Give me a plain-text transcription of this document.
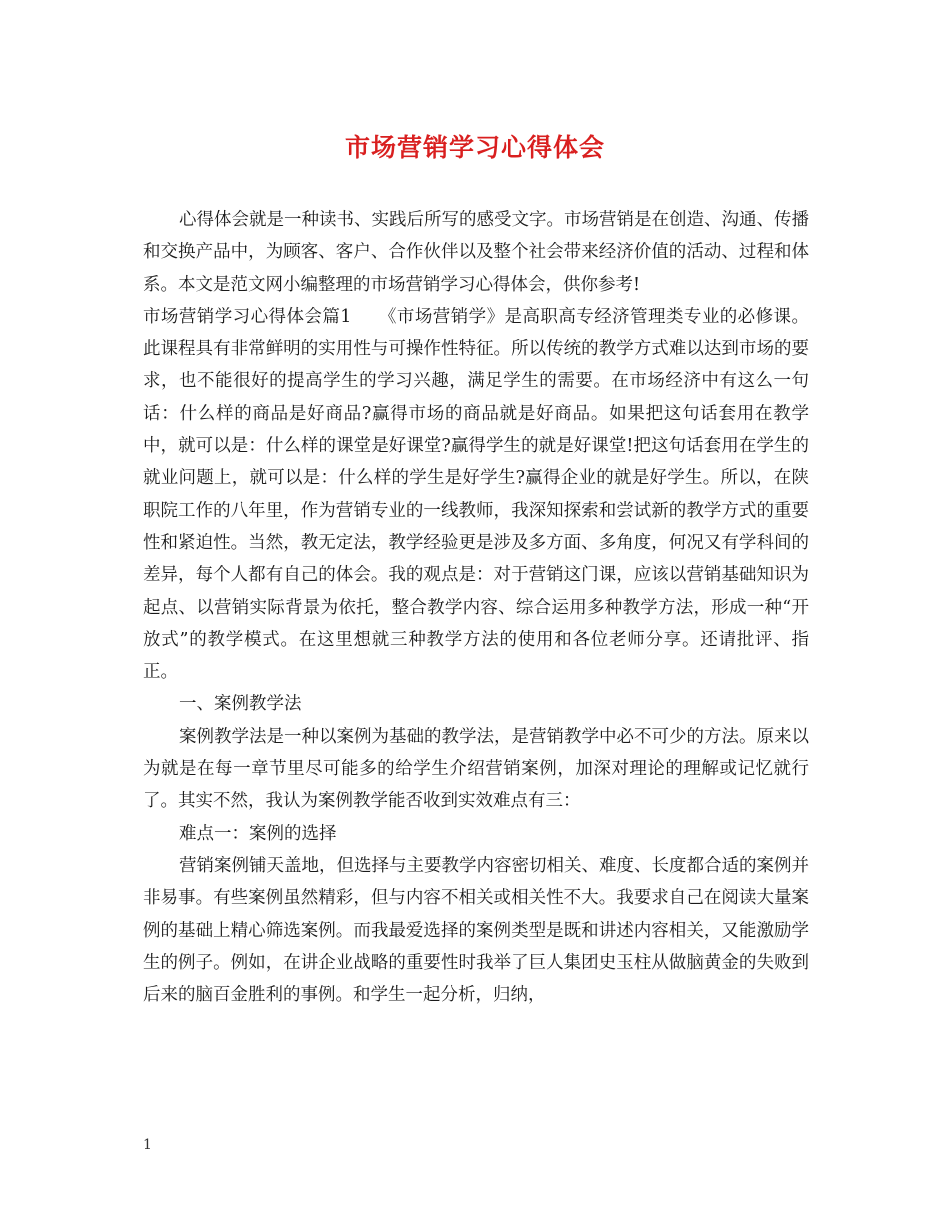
市场营销学习心得体会

心得体会就是一种读书、实践后所写的感受文字。市场营销是在创造、沟通、传播和交换产品中，为顾客、客户、合作伙伴以及整个社会带来经济价值的活动、过程和体系。本文是范文网小编整理的市场营销学习心得体会，供你参考!

市场营销学习心得体会篇1　　《市场营销学》是高职高专经济管理类专业的必修课。此课程具有非常鲜明的实用性与可操作性特征。所以传统的教学方式难以达到市场的要求，也不能很好的提高学生的学习兴趣，满足学生的需要。在市场经济中有这么一句话：什么样的商品是好商品?赢得市场的商品就是好商品。如果把这句话套用在教学中，就可以是：什么样的课堂是好课堂?赢得学生的就是好课堂!把这句话套用在学生的就业问题上，就可以是：什么样的学生是好学生?赢得企业的就是好学生。所以，在陕职院工作的八年里，作为营销专业的一线教师，我深知探索和尝试新的教学方式的重要性和紧迫性。当然，教无定法，教学经验更是涉及多方面、多角度，何况又有学科间的差异，每个人都有自己的体会。我的观点是：对于营销这门课，应该以营销基础知识为起点、以营销实际背景为依托，整合教学内容、综合运用多种教学方法，形成一种“开放式”的教学模式。在这里想就三种教学方法的使用和各位老师分享。还请批评、指正。

一、案例教学法

案例教学法是一种以案例为基础的教学法，是营销教学中必不可少的方法。原来以为就是在每一章节里尽可能多的给学生介绍营销案例，加深对理论的理解或记忆就行了。其实不然，我认为案例教学能否收到实效难点有三：

难点一：案例的选择

营销案例铺天盖地，但选择与主要教学内容密切相关、难度、长度都合适的案例并非易事。有些案例虽然精彩，但与内容不相关或相关性不大。我要求自己在阅读大量案例的基础上精心筛选案例。而我最爱选择的案例类型是既和讲述内容相关，又能激励学生的例子。例如，在讲企业战略的重要性时我举了巨人集团史玉柱从做脑黄金的失败到后来的脑百金胜利的事例。和学生一起分析，归纳，

1
